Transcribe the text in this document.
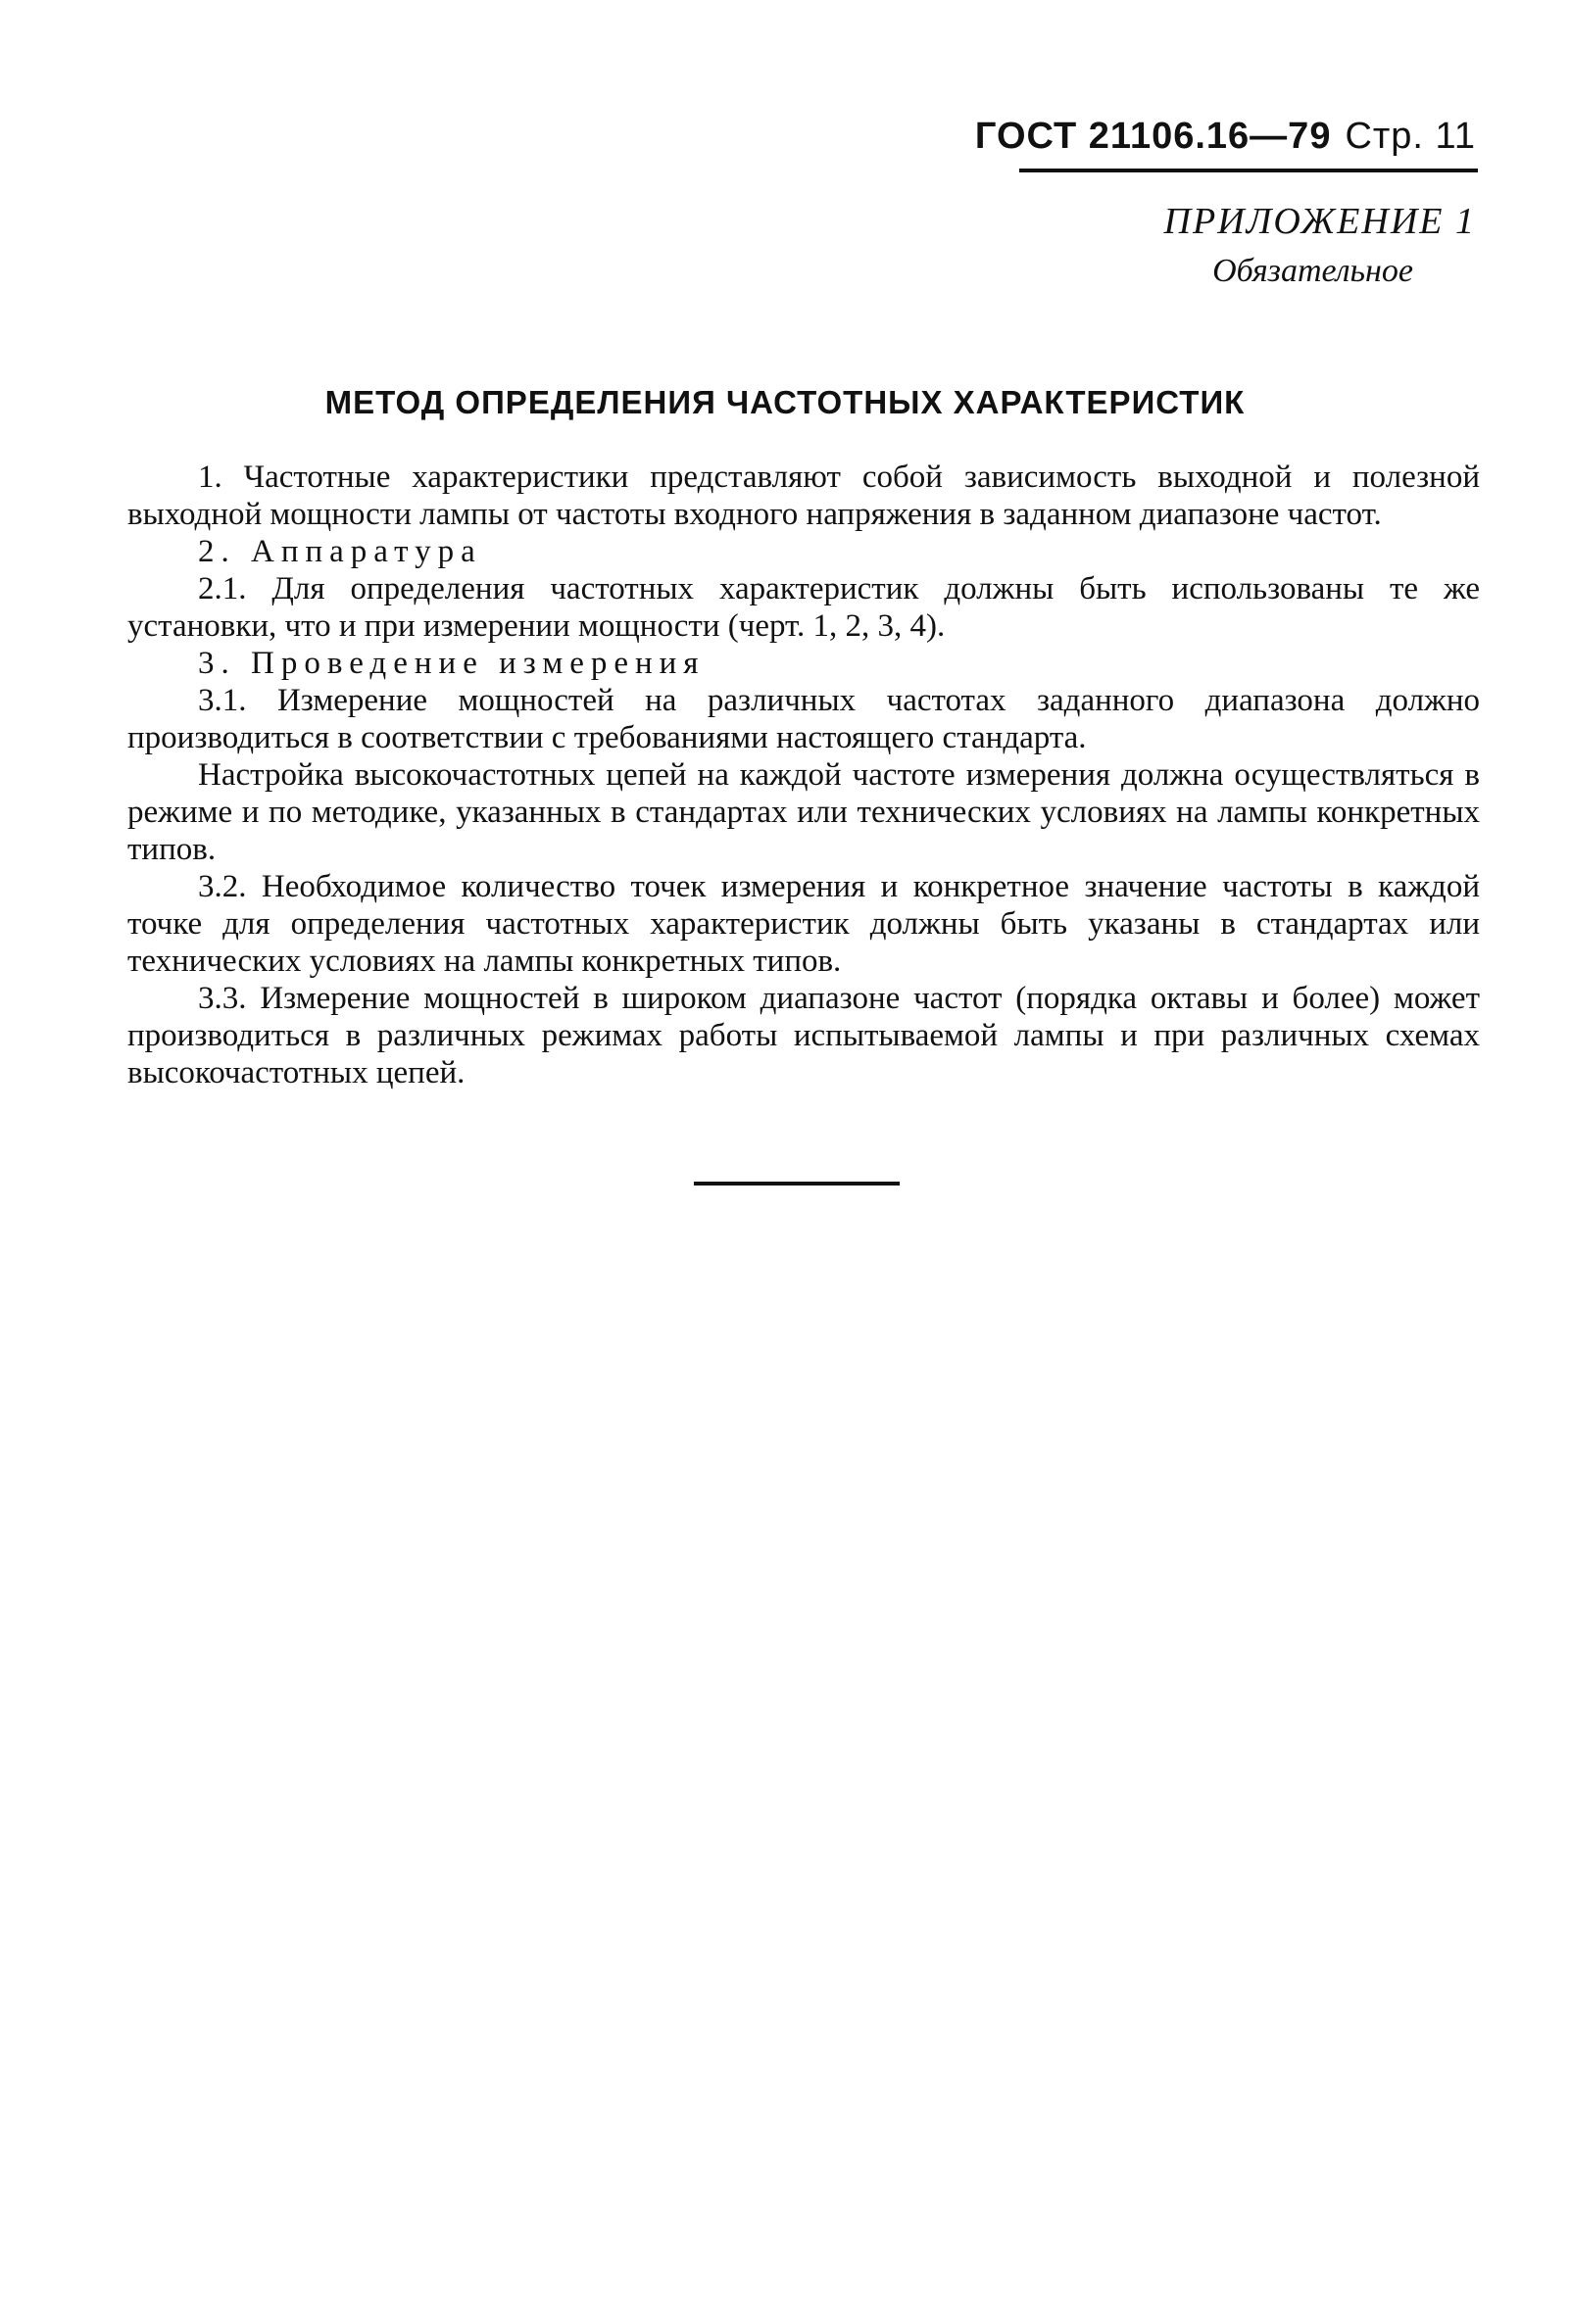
ГОСТ 21106.16—79 Стр. 11
ПРИЛОЖЕНИЕ 1
Обязательное
МЕТОД ОПРЕДЕЛЕНИЯ ЧАСТОТНЫХ ХАРАКТЕРИСТИК

1. Частотные характеристики представляют собой зависимость выходной и полезной выходной мощности лампы от частоты входного напряжения в заданном диапазоне частот.

2. Аппаратура

2.1. Для определения частотных характеристик должны быть использованы те же установки, что и при измерении мощности (черт. 1, 2, 3, 4).

3. Проведение измерения

3.1. Измерение мощностей на различных частотах заданного диапазона должно производиться в соответствии с требованиями настоящего стандарта.

Настройка высокочастотных цепей на каждой частоте измерения должна осуществляться в режиме и по методике, указанных в стандартах или технических условиях на лампы конкретных типов.

3.2. Необходимое количество точек измерения и конкретное значение частоты в каждой точке для определения частотных характеристик должны быть указаны в стандартах или технических условиях на лампы конкретных типов.

3.3. Измерение мощностей в широком диапазоне частот (порядка октавы и более) может производиться в различных режимах работы испытываемой лампы и при различных схемах высокочастотных цепей.
